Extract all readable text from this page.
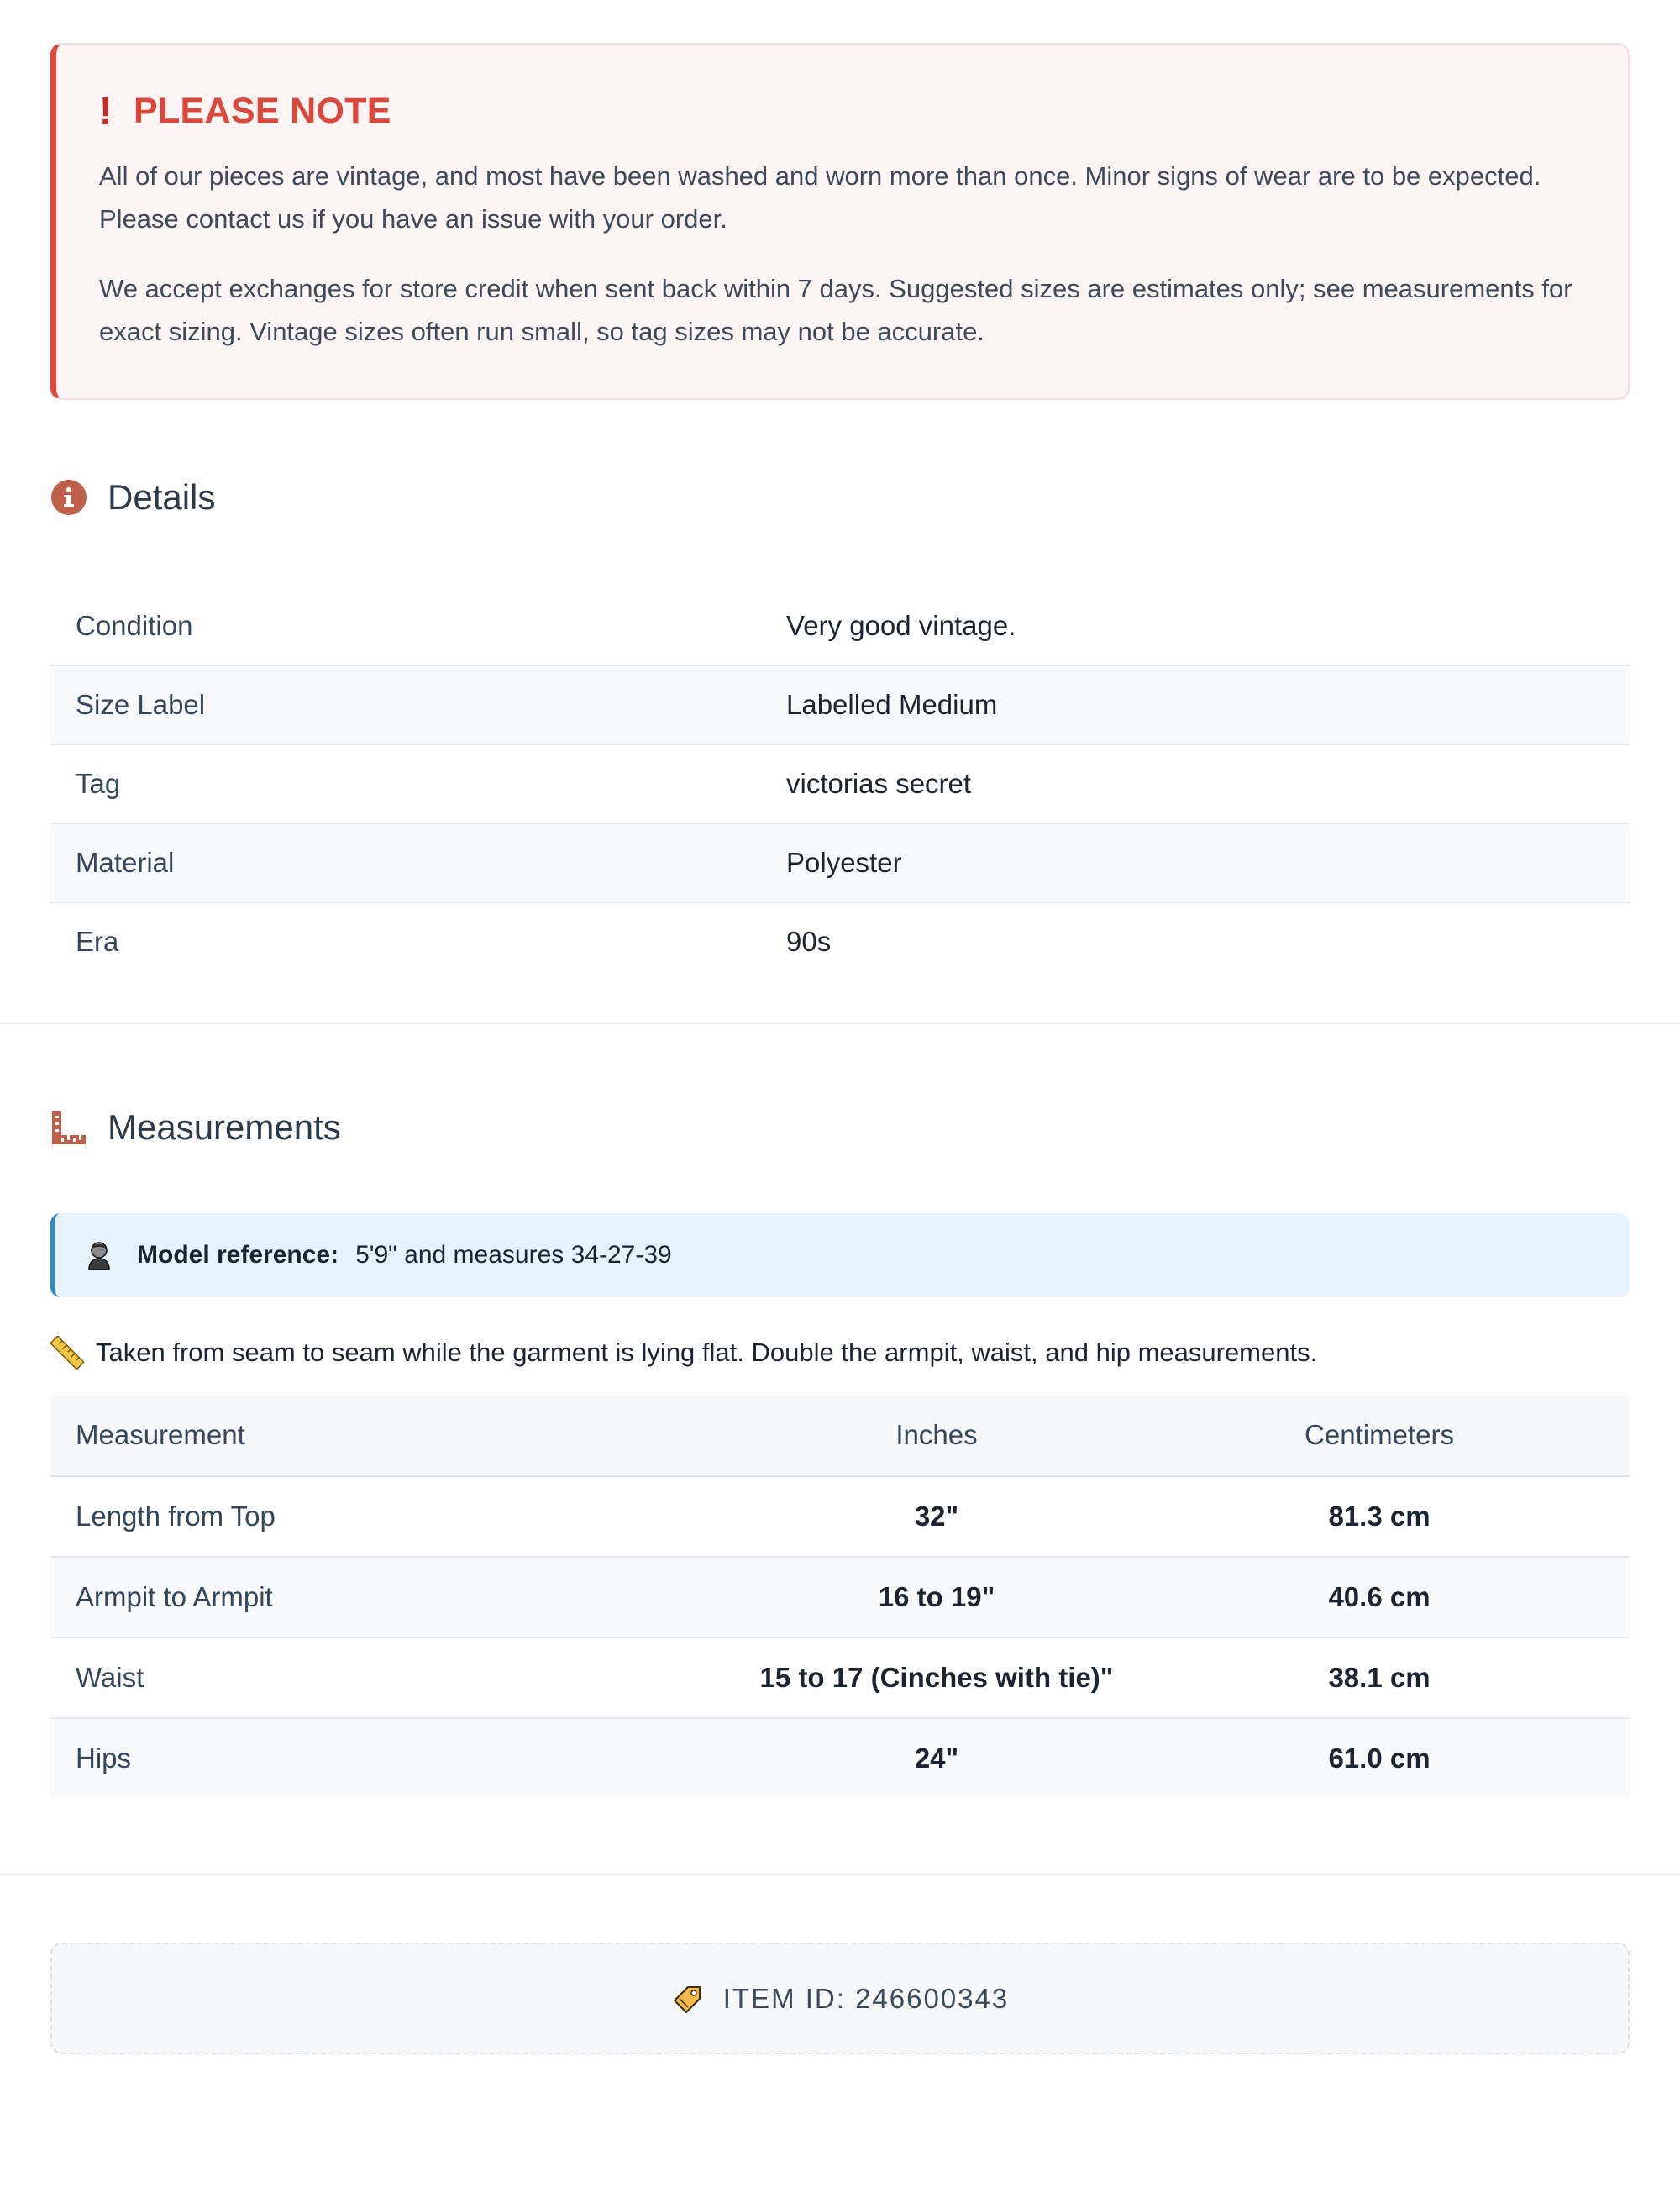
! PLEASE NOTE

All of our pieces are vintage, and most have been washed and worn more than once. Minor signs of wear are to be expected. Please contact us if you have an issue with your order.

We accept exchanges for store credit when sent back within 7 days. Suggested sizes are estimates only; see measurements for exact sizing. Vintage sizes often run small, so tag sizes may not be accurate.

Details
Condition	Very good vintage.
Size Label	Labelled Medium
Tag	victorias secret
Material	Polyester
Era	90s
Measurements
Model reference: 5'9" and measures 34-27-39
Taken from seam to seam while the garment is lying flat. Double the armpit, waist, and hip measurements.
Measurement	Inches	Centimeters
Length from Top	32"	81.3 cm
Armpit to Armpit	16 to 19"	40.6 cm
Waist	15 to 17 (Cinches with tie)"	38.1 cm
Hips	24"	61.0 cm
ITEM ID: 246600343
